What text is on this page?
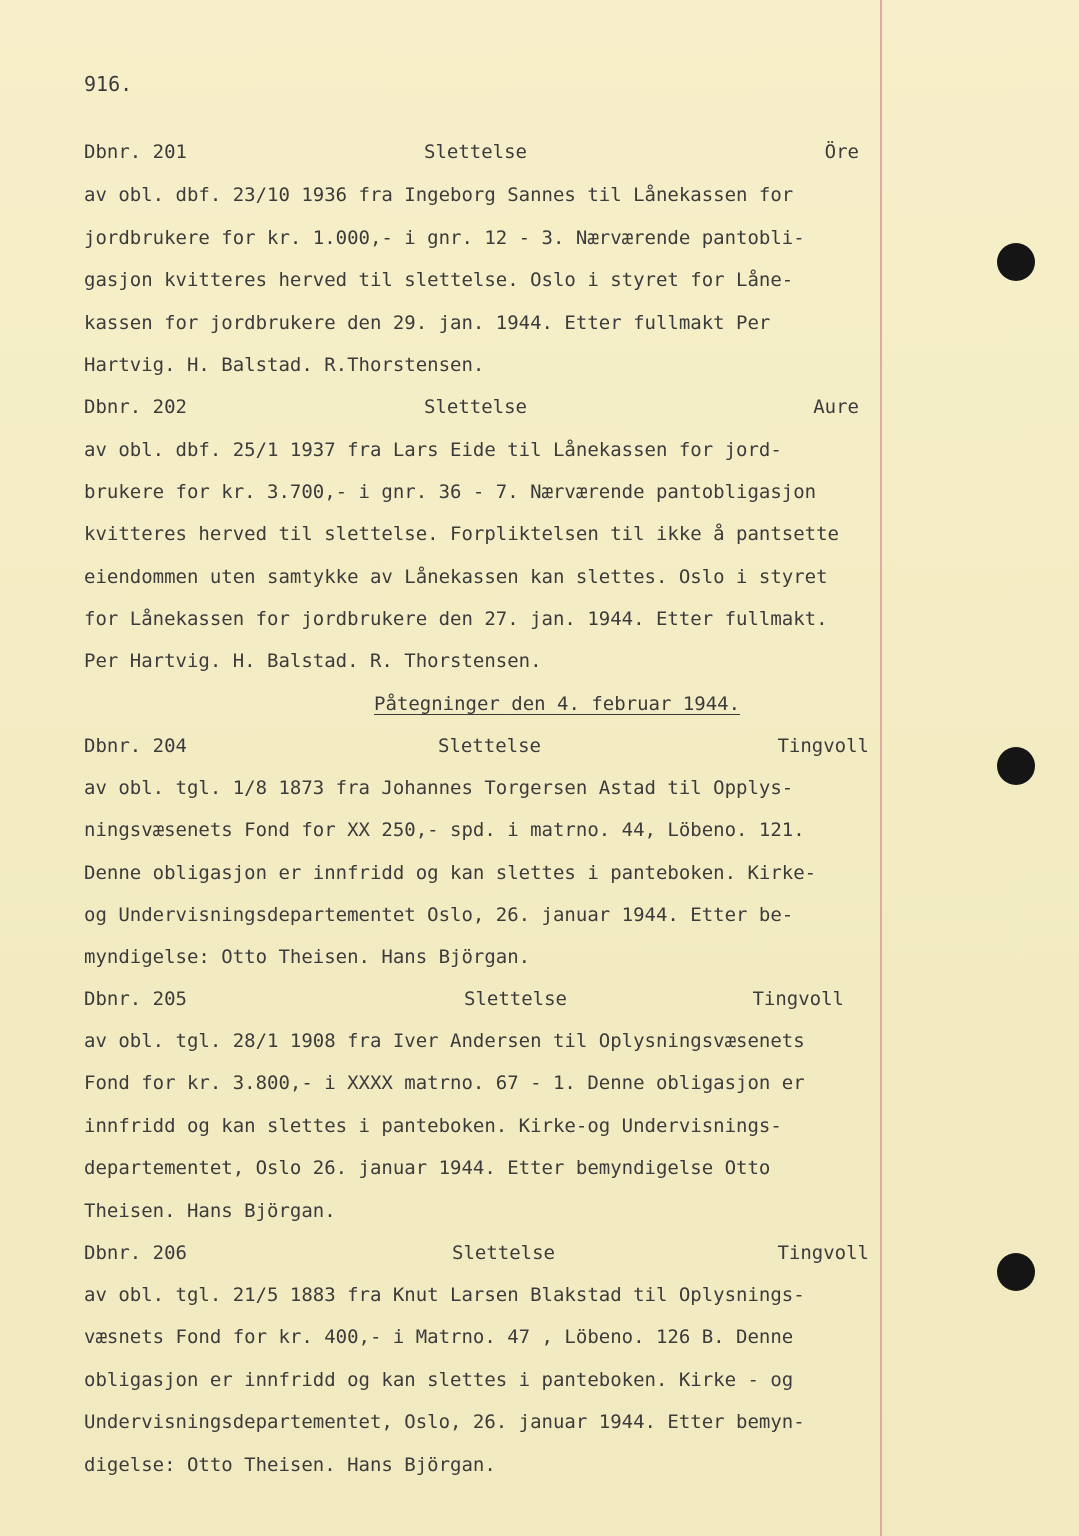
916.
Dbnr. 201	Slettelse	Öre
av obl. dbf. 23/10 1936 fra Ingeborg Sannes til Lånekassen for
jordbrukere for kr. 1.000,- i gnr. 12 - 3. Nærværende pantobli-
gasjon kvitteres herved til slettelse. Oslo i styret for Låne-
kassen for jordbrukere den 29. jan. 1944. Etter fullmakt Per
Hartvig. H. Balstad. R.Thorstensen.
Dbnr. 202	Slettelse	Aure
av obl. dbf. 25/1 1937 fra Lars Eide til Lånekassen for jord-
brukere for kr. 3.700,- i gnr. 36 - 7. Nærværende pantobligasjon
kvitteres herved til slettelse. Forpliktelsen til ikke å pantsette
eiendommen uten samtykke av Lånekassen kan slettes. Oslo i styret
for Lånekassen for jordbrukere den 27. jan. 1944. Etter fullmakt.
Per Hartvig. H. Balstad. R. Thorstensen.
Påtegninger den 4. februar 1944.
Dbnr. 204	Slettelse	Tingvoll
av obl. tgl. 1/8 1873 fra Johannes Torgersen Astad til Opplys-
ningsvæsenets Fond for XX 250,- spd. i matrno. 44, Löbeno. 121.
Denne obligasjon er innfridd og kan slettes i panteboken. Kirke-
og Undervisningsdepartementet Oslo, 26. januar 1944. Etter be-
myndigelse: Otto Theisen. Hans Björgan.
Dbnr. 205	Slettelse	Tingvoll
av obl. tgl. 28/1 1908 fra Iver Andersen til Oplysningsvæsenets
Fond for kr. 3.800,- i XXXX matrno. 67 - 1. Denne obligasjon er
innfridd og kan slettes i panteboken. Kirke-og Undervisnings-
departementet, Oslo 26. januar 1944. Etter bemyndigelse Otto
Theisen. Hans Björgan.
Dbnr. 206	Slettelse	Tingvoll
av obl. tgl. 21/5 1883 fra Knut Larsen Blakstad til Oplysnings-
væsnets Fond for kr. 400,- i Matrno. 47 , Löbeno. 126 B. Denne
obligasjon er innfridd og kan slettes i panteboken. Kirke - og
Undervisningsdepartementet, Oslo, 26. januar 1944. Etter bemyn-
digelse: Otto Theisen. Hans Björgan.
